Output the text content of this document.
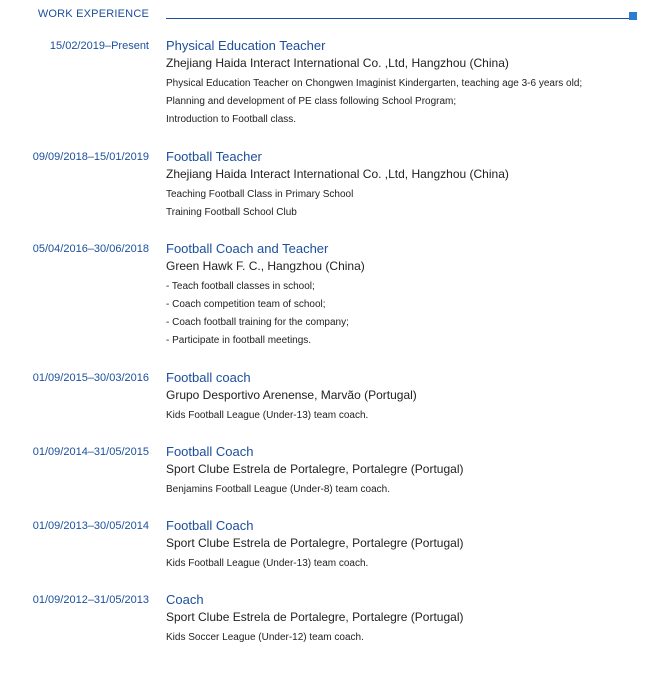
WORK EXPERIENCE
15/02/2019–Present Physical Education Teacher
Zhejiang Haida Interact International Co. ,Ltd, Hangzhou (China)
Physical Education Teacher on Chongwen Imaginist Kindergarten, teaching age 3-6 years old;
Planning and development of PE class following School Program;
Introduction to Football class.
09/09/2018–15/01/2019 Football Teacher
Zhejiang Haida Interact International Co. ,Ltd, Hangzhou (China)
Teaching Football Class in Primary School
Training Football School Club
05/04/2016–30/06/2018 Football Coach and Teacher
Green Hawk F. C., Hangzhou (China)
- Teach football classes in school;
- Coach competition team of school;
- Coach football training for the company;
- Participate in football meetings.
01/09/2015–30/03/2016 Football coach
Grupo Desportivo Arenense, Marvão (Portugal)
Kids Football League (Under-13) team coach.
01/09/2014–31/05/2015 Football Coach
Sport Clube Estrela de Portalegre, Portalegre (Portugal)
Benjamins Football League (Under-8) team coach.
01/09/2013–30/05/2014 Football Coach
Sport Clube Estrela de Portalegre, Portalegre (Portugal)
Kids Football League (Under-13) team coach.
01/09/2012–31/05/2013 Coach
Sport Clube Estrela de Portalegre, Portalegre (Portugal)
Kids Soccer League (Under-12) team coach.
